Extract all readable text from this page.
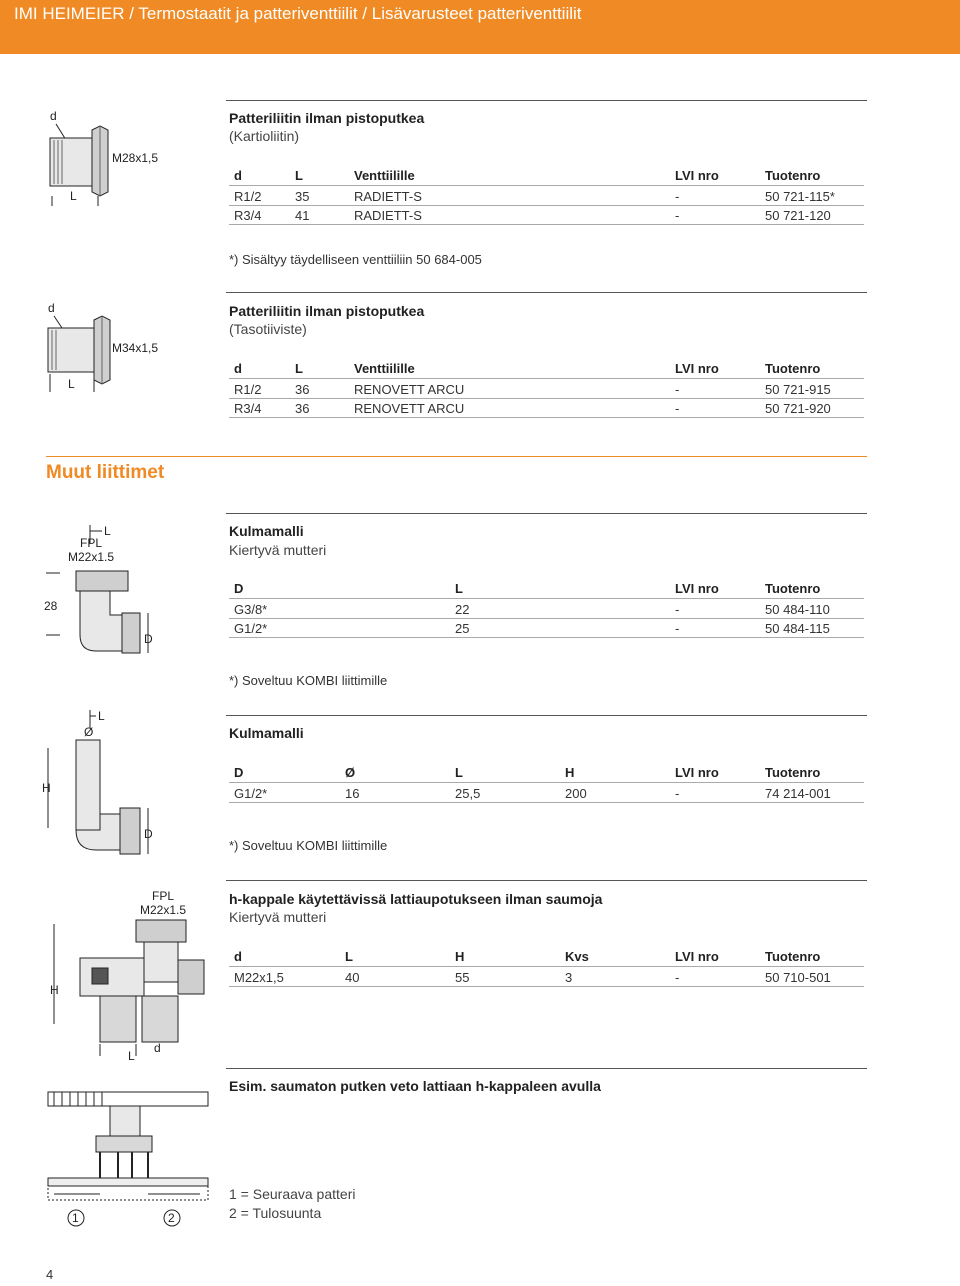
IMI HEIMEIER / Termostaatit ja patteriventtiilit / Lisävarusteet patteriventtiilit
d
M28x1,5
L
Patteriliitin ilman pistoputkea
(Kartioliitin)
d	L	Venttiilille	LVI nro	Tuotenro
R1/2	35	RADIETT-S	-	50 721-115*
R3/4	41	RADIETT-S	-	50 721-120
*) Sisältyy täydelliseen venttiiliin 50 684-005
d
M34x1,5
L
Patteriliitin ilman pistoputkea
(Tasotiiviste)
d	L	Venttiilille	LVI nro	Tuotenro
R1/2	36	RENOVETT ARCU	-	50 721-915
R3/4	36	RENOVETT ARCU	-	50 721-920
Muut liittimet
L
FPL
M22x1.5
28
D
Kulmamalli
Kiertyvä mutteri
D	L	LVI nro	Tuotenro
G3/8*	22	-	50 484-110
G1/2*	25	-	50 484-115
*) Soveltuu KOMBI liittimille
L
Ø
H
D
Kulmamalli
D	Ø	L	H	LVI nro	Tuotenro
G1/2*	16	25,5	200	-	74 214-001
*) Soveltuu KOMBI liittimille
FPL
M22x1.5
H
L
d
h-kappale käytettävissä lattiaupotukseen ilman saumoja
Kiertyvä mutteri
d	L	H	Kvs	LVI nro	Tuotenro
M22x1,5	40	55	3	-	50 710-501
1	2
Esim. saumaton putken veto lattiaan h-kappaleen avulla
1 = Seuraava patteri
2 = Tulosuunta
4
